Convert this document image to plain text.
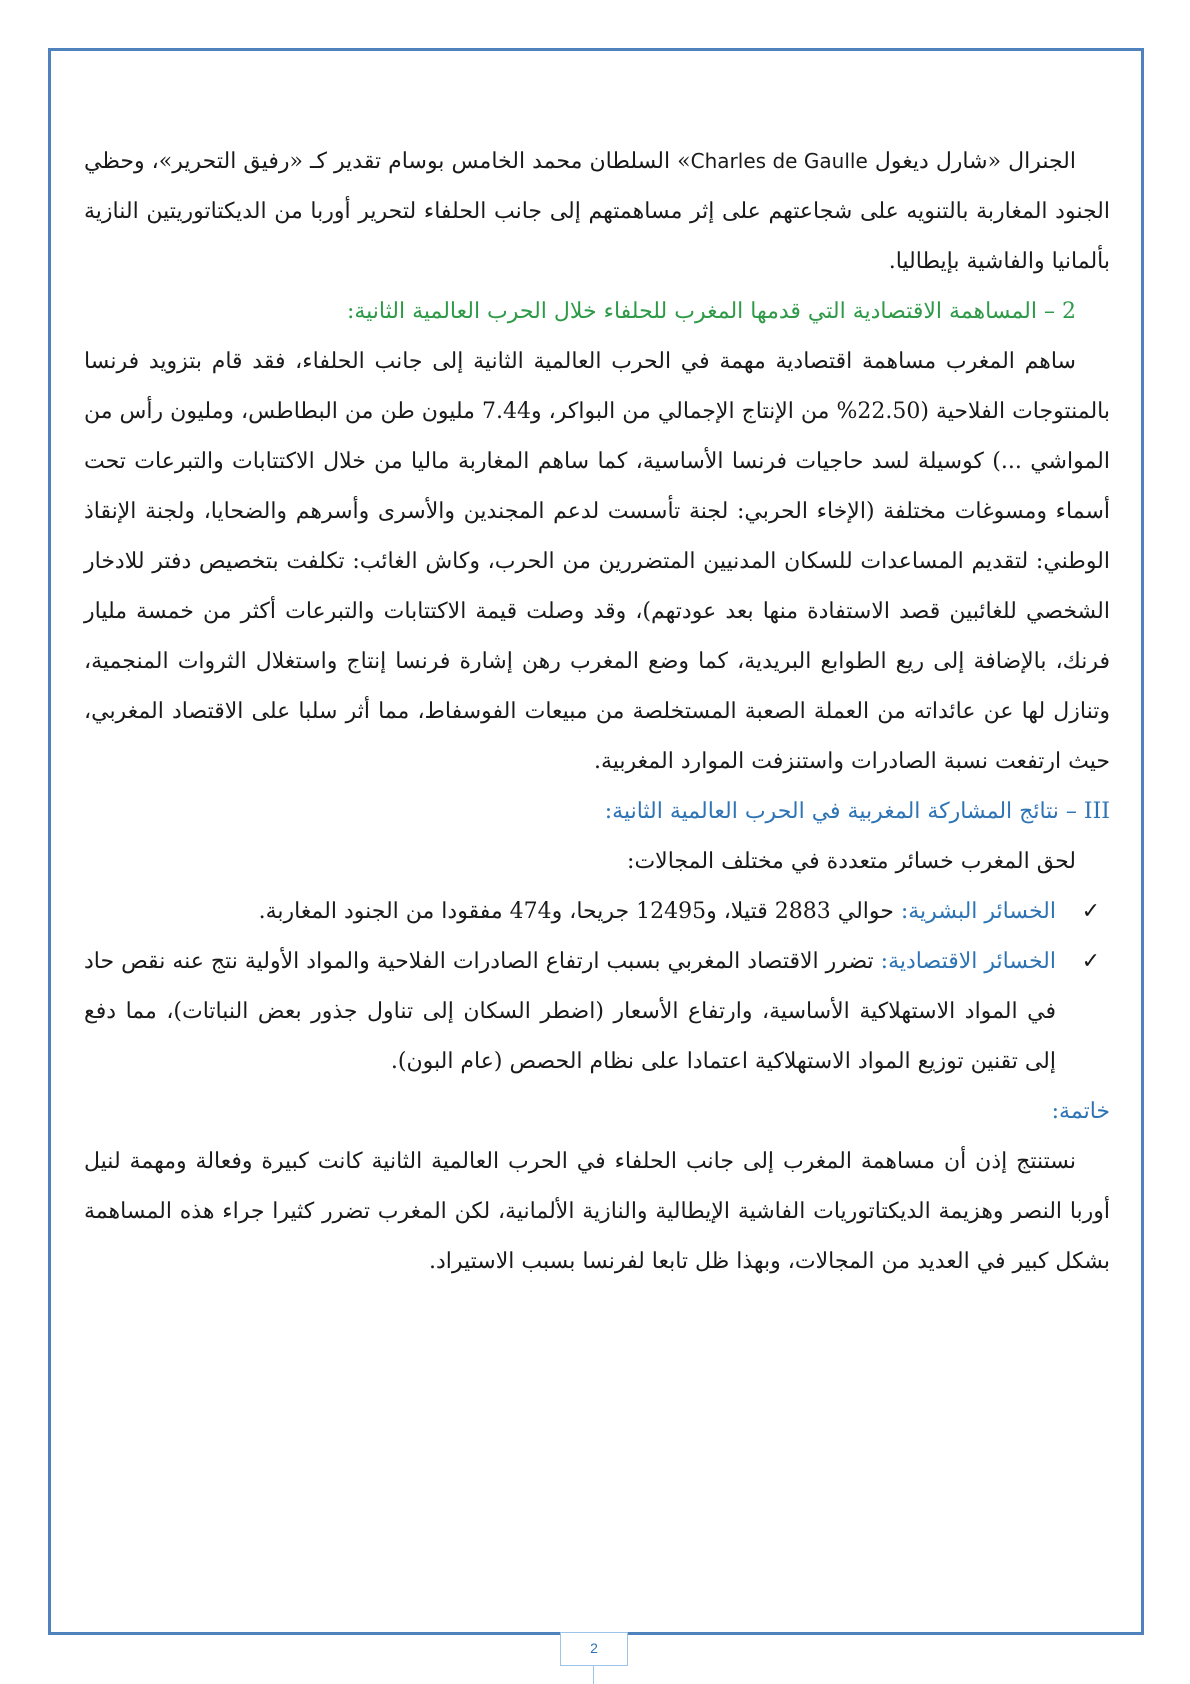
الجنرال «شارل ديغول Charles de Gaulle» السلطان محمد الخامس بوسام تقدير كـ «رفيق التحرير»، وحظي الجنود المغاربة بالتنويه على شجاعتهم على إثر مساهمتهم إلى جانب الحلفاء لتحرير أوربا من الديكتاتوريتين النازية بألمانيا والفاشية بإيطاليا.

2 – المساهمة الاقتصادية التي قدمها المغرب للحلفاء خلال الحرب العالمية الثانية:

ساهم المغرب مساهمة اقتصادية مهمة في الحرب العالمية الثانية إلى جانب الحلفاء، فقد قام بتزويد فرنسا بالمنتوجات الفلاحية (22.50% من الإنتاج الإجمالي من البواكر، و7.44 مليون طن من البطاطس، ومليون رأس من المواشي ...) كوسيلة لسد حاجيات فرنسا الأساسية، كما ساهم المغاربة ماليا من خلال الاكتتابات والتبرعات تحت أسماء ومسوغات مختلفة (الإخاء الحربي: لجنة تأسست لدعم المجندين والأسرى وأسرهم والضحايا، ولجنة الإنقاذ الوطني: لتقديم المساعدات للسكان المدنيين المتضررين من الحرب، وكاش الغائب: تكلفت بتخصيص دفتر للادخار الشخصي للغائبين قصد الاستفادة منها بعد عودتهم)، وقد وصلت قيمة الاكتتابات والتبرعات أكثر من خمسة مليار فرنك، بالإضافة إلى ريع الطوابع البريدية، كما وضع المغرب رهن إشارة فرنسا إنتاج واستغلال الثروات المنجمية، وتنازل لها عن عائداته من العملة الصعبة المستخلصة من مبيعات الفوسفاط، مما أثر سلبا على الاقتصاد المغربي، حيث ارتفعت نسبة الصادرات واستنزفت الموارد المغربية.

III – نتائج المشاركة المغربية في الحرب العالمية الثانية:

لحق المغرب خسائر متعددة في مختلف المجالات:

✓
الخسائر البشرية: حوالي 2883 قتيلا، و12495 جريحا، و474 مفقودا من الجنود المغاربة.

✓
الخسائر الاقتصادية: تضرر الاقتصاد المغربي بسبب ارتفاع الصادرات الفلاحية والمواد الأولية نتج عنه نقص حاد في المواد الاستهلاكية الأساسية، وارتفاع الأسعار (اضطر السكان إلى تناول جذور بعض النباتات)، مما دفع إلى تقنين توزيع المواد الاستهلاكية اعتمادا على نظام الحصص (عام البون).

خاتمة:

نستنتج إذن أن مساهمة المغرب إلى جانب الحلفاء في الحرب العالمية الثانية كانت كبيرة وفعالة ومهمة لنيل أوربا النصر وهزيمة الديكتاتوريات الفاشية الإيطالية والنازية الألمانية، لكن المغرب تضرر كثيرا جراء هذه المساهمة بشكل كبير في العديد من المجالات، وبهذا ظل تابعا لفرنسا بسبب الاستيراد.

2
